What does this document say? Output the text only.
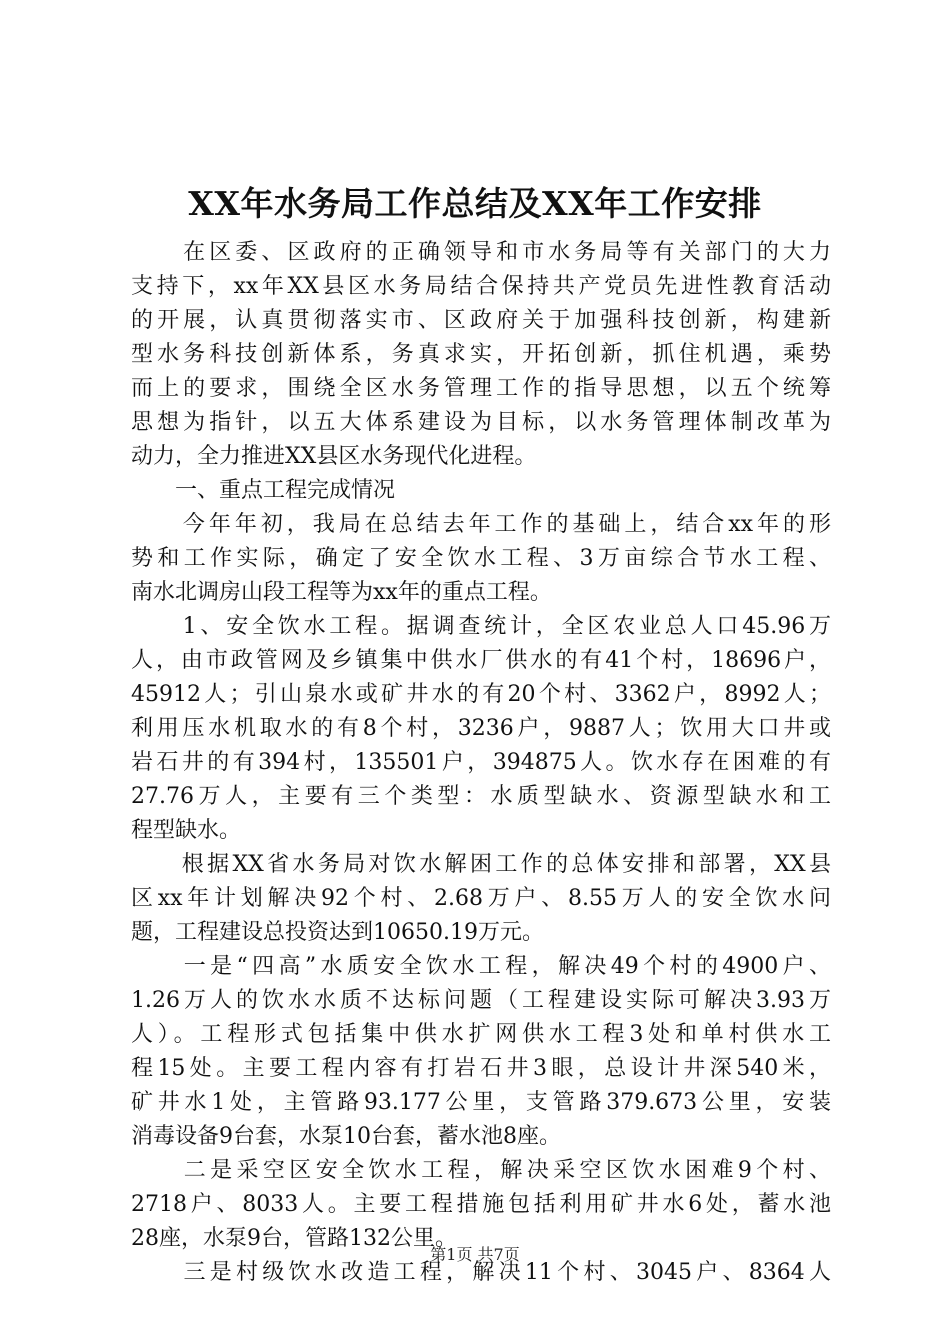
XX年水务局工作总结及XX年工作安排
　　在区委、区政府的正确领导和市水务局等有关部门的大力
支持下，xx年XX县区水务局结合保持共产党员先进性教育活动
的开展，认真贯彻落实市、区政府关于加强科技创新，构建新
型水务科技创新体系，务真求实，开拓创新，抓住机遇，乘势
而上的要求，围绕全区水务管理工作的指导思想，以五个统筹
思想为指针，以五大体系建设为目标，以水务管理体制改革为
动力，全力推进XX县区水务现代化进程。
　　一、重点工程完成情况
　　今年年初，我局在总结去年工作的基础上，结合xx年的形
势和工作实际，确定了安全饮水工程、3万亩综合节水工程、
南水北调房山段工程等为xx年的重点工程。
　　1、安全饮水工程。据调查统计，全区农业总人口45.96万
人，由市政管网及乡镇集中供水厂供水的有41个村，18696户，
45912人；引山泉水或矿井水的有20个村、3362户，8992人；
利用压水机取水的有8个村，3236户，9887人；饮用大口井或
岩石井的有394村，135501户，394875人。饮水存在困难的有
27.76万人，主要有三个类型：水质型缺水、资源型缺水和工
程型缺水。
　　根据XX省水务局对饮水解困工作的总体安排和部署，XX县
区xx年计划解决92个村、2.68万户、8.55万人的安全饮水问
题，工程建设总投资达到10650.19万元。
　　一是“四高”水质安全饮水工程，解决49个村的4900户、
1.26万人的饮水水质不达标问题（工程建设实际可解决3.93万
人）。工程形式包括集中供水扩网供水工程3处和单村供水工
程15处。主要工程内容有打岩石井3眼，总设计井深540米，
矿井水1处，主管路93.177公里，支管路379.673公里，安装
消毒设备9台套，水泵10台套，蓄水池8座。
　　二是采空区安全饮水工程，解决采空区饮水困难9个村、
2718户、8033人。主要工程措施包括利用矿井水6处，蓄水池
28座，水泵9台，管路132公里。
　　三是村级饮水改造工程，解决11个村、3045户、8364人
第1页 共7页
